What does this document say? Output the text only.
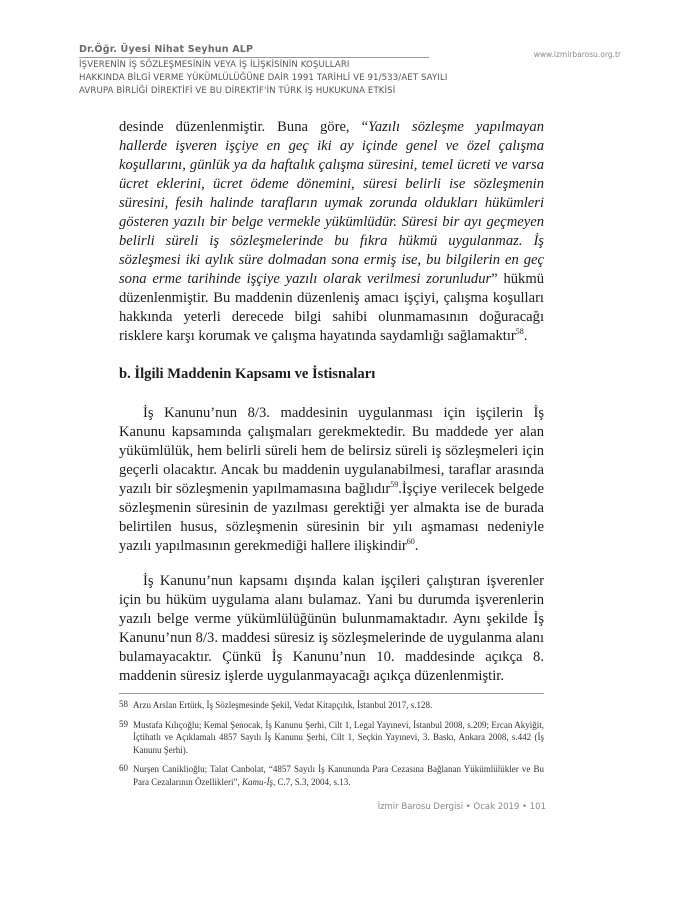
Dr.Öğr. Üyesi Nihat Seyhun ALP	www.izmirbarosu.org.tr
İŞVERENİN İŞ SÖZLEŞMESİNİN VEYA İŞ İLİŞKİSİNİN KOŞULLARI
HAKKINDA BİLGİ VERME YÜKÜMLÜLÜĞÜNE DAİR 1991 TARİHLİ VE 91/533/AET SAYILI
AVRUPA BİRLİĞİ DİREKTİFİ VE BU DİREKTİF'İN TÜRK İŞ HUKUKUNA ETKİSİ

desinde düzenlenmiştir. Buna göre, “Yazılı sözleşme yapılmayan hallerde işveren işçiye en geç iki ay içinde genel ve özel çalışma koşullarını, günlük ya da haftalık çalışma süresini, temel ücreti ve varsa ücret eklerini, ücret ödeme dönemini, süresi belirli ise sözleşmenin süresini, fesih halinde tarafların uymak zorunda oldukları hükümleri gösteren yazılı bir belge vermekle yükümlüdür. Süresi bir ayı geçmeyen belirli süreli iş sözleşmelerinde bu fıkra hükmü uygulanmaz. İş sözleşmesi iki aylık süre dolmadan sona ermiş ise, bu bilgilerin en geç sona erme tarihinde işçiye yazılı olarak verilmesi zorunludur” hükmü düzenlenmiştir. Bu maddenin düzenleniş amacı işçiyi, çalışma koşulları hakkında yeterli derecede bilgi sahibi olunmamasının doğuracağı risklere karşı korumak ve çalışma hayatında saydamlığı sağlamaktır$^{58}$.

b. İlgili Maddenin Kapsamı ve İstisnaları
İş Kanunu’nun 8/3. maddesinin uygulanması için işçilerin İş Kanunu kapsamında çalışmaları gerekmektedir. Bu maddede yer alan yükümlülük, hem belirli süreli hem de belirsiz süreli iş sözleşmeleri için geçerli olacaktır. Ancak bu maddenin uygulanabilmesi, taraflar arasında yazılı bir sözleşmenin yapılmamasına bağlıdır$^{59}$.İşçiye verilecek belgede sözleşmenin süresinin de yazılması gerektiği yer almakta ise de burada belirtilen husus, sözleşmenin süresinin bir yılı aşmaması nedeniyle yazılı yapılmasının gerekmediği hallere ilişkindir$^{60}$.
İş Kanunu’nun kapsamı dışında kalan işçileri çalıştıran işverenler için bu hüküm uygulama alanı bulamaz. Yani bu durumda işverenlerin yazılı belge verme yükümlülüğünün bulunmamaktadır. Aynı şekilde İş Kanunu’nun 8/3. maddesi süresiz iş sözleşmelerinde de uygulanma alanı bulamayacaktır. Çünkü İş Kanunu’nun 10. maddesinde açıkça 8. maddenin süresiz işlerde uygulanmayacağı açıkça düzenlenmiştir.
58 Arzu Arslan Ertürk, İş Sözleşmesinde Şekil, Vedat Kitapçılık, İstanbul 2017, s.128.
59 Mustafa Kılıçoğlu; Kemal Şenocak, İş Kanunu Şerhi, Cilt 1, Legal Yayınevi, İstanbul 2008, s.209; Ercan Akyiğit, İçtihatlı ve Açıklamalı 4857 Sayılı İş Kanunu Şerhi, Cilt 1, Seçkin Yayınevi, 3. Baskı, Ankara 2008, s.442 (İş Kanunu Şerhi).
60 Nurşen Caniklioğlu; Talat Canbolat, “4857 Sayılı İş Kanununda Para Cezasına Bağlanan Yükümlülükler ve Bu Para Cezalarının Özellikleri”, Kamu-İş, C.7, S.3, 2004, s.13.
İzmir Barosu Dergisi • Ocak 2019 • 101
